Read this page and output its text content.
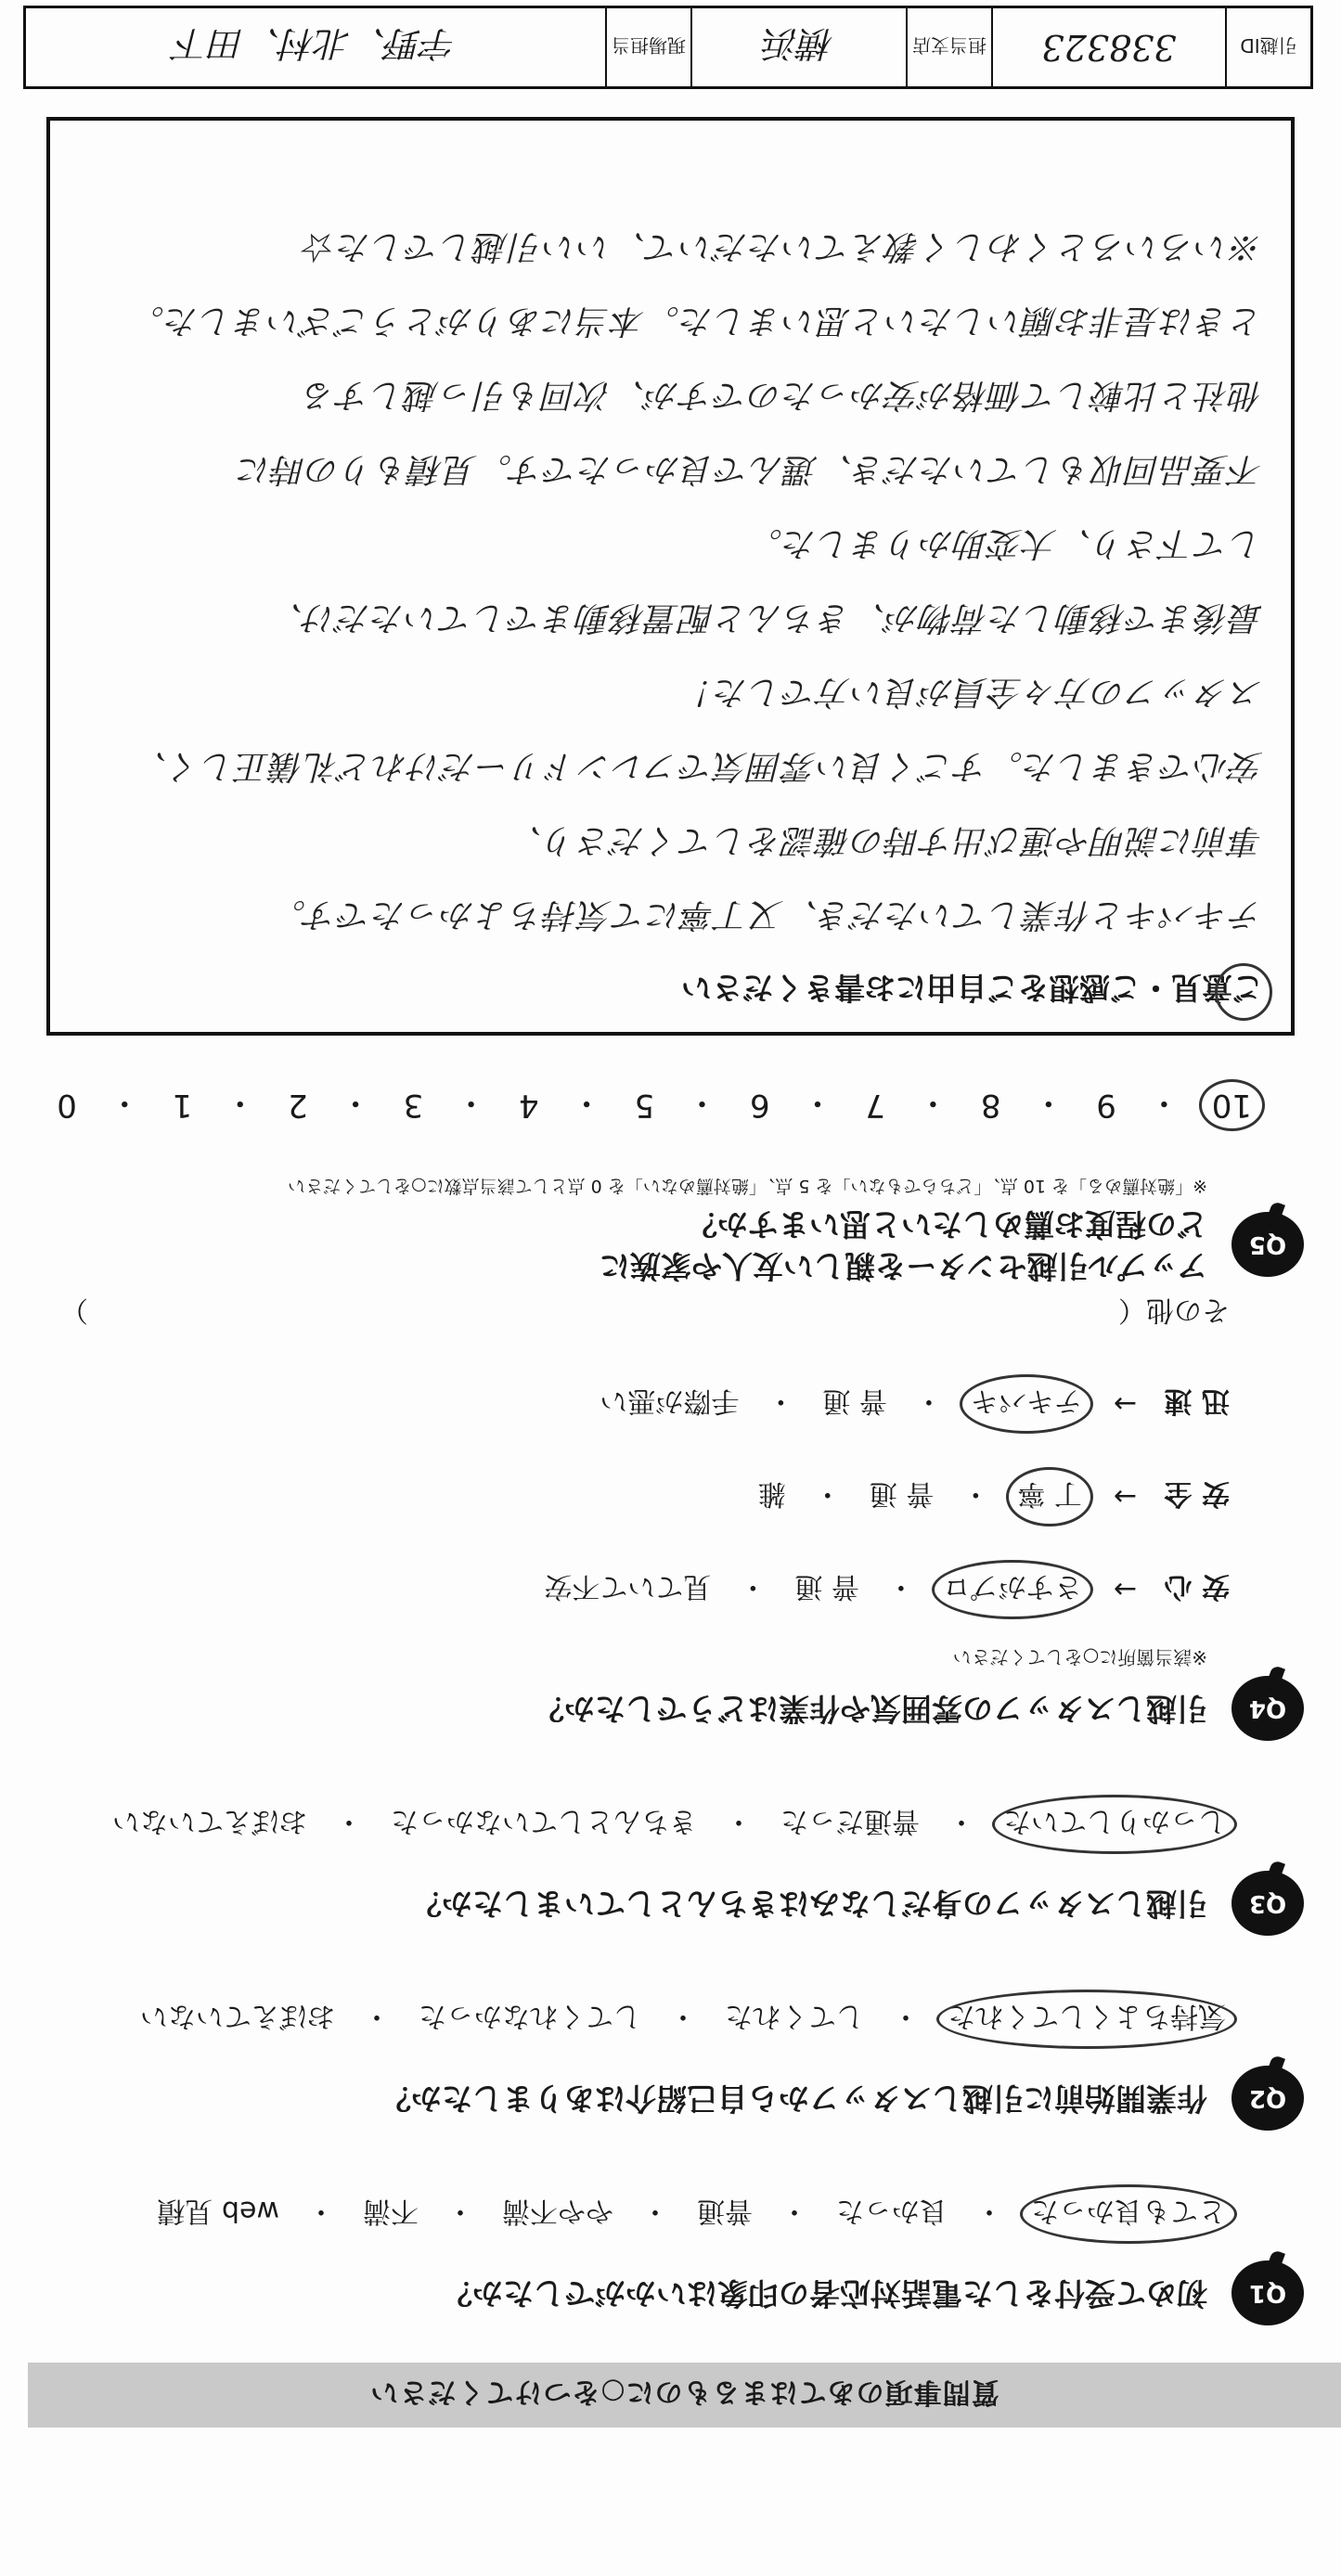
質問事項のあてはまるものに○をつけてください
Q1
初めて受付をした電話対応者の印象はいかがでしたか？
とても良かった
・
良かった
・
普通
・
やや不満
・
不満
・
web 見積
Q2
作業開始前に引越しスタッフから自己紹介はありましたか？
気持ちよくしてくれた
・
してくれた
・
してくれなかった
・
おぼえていない
Q3
引越しスタッフの身だしなみはきちんとしていましたか？
しっかりしていた
・
普通だった
・
きちんとしていなかった
・
おぼえていない
Q4
引越しスタッフの雰囲気や作業はどうでしたか？
※該当箇所に○をしてください
安 心
→
さすがプロ
・
普 通
・
見ていて不安
安 全
→
丁 寧
・
普 通
・
雑
迅 速
→
テキパキ
・
普 通
・
手際が悪い
その他（
）
Q5
アップル引越センターを親しい友人や家族に
どの程度お薦めしたいと思いますか？
※「絶対薦める」を 10 点、「どちらでもない」を 5 点、「絶対薦めない」を 0 点として該当点数に○をしてください
10
・
9
・
8
・
7
・
6
・
5
・
4
・
3
・
2
・
1
・
0
ご意見・ご感想をご自由にお書きください

テキパキと作業していただき、又丁寧にて気持ちよかったです。

事前に説明や運び出す時の確認をしてくださり、

安心できました。すごく良い雰囲気でフレンドリーだけれど礼儀正しく、

スタッフの方々全員が良い方でした！

最後まで移動した荷物が、きちんと配置移動までしていただけ、

して下さり、大変助かりました。

不要品回収もしていただき、選んで良かったです。見積もりの時に

他社と比較して価格が安かったのですが、次回も引っ越しする

ときは是非お願いしたいと思いました。本当にありがとうございました。

※いろいろとくわしく教えていただいて、いい引越しでした☆

引越ID
338323
担当支店
横浜
現場担当
宇野、北村、田下
